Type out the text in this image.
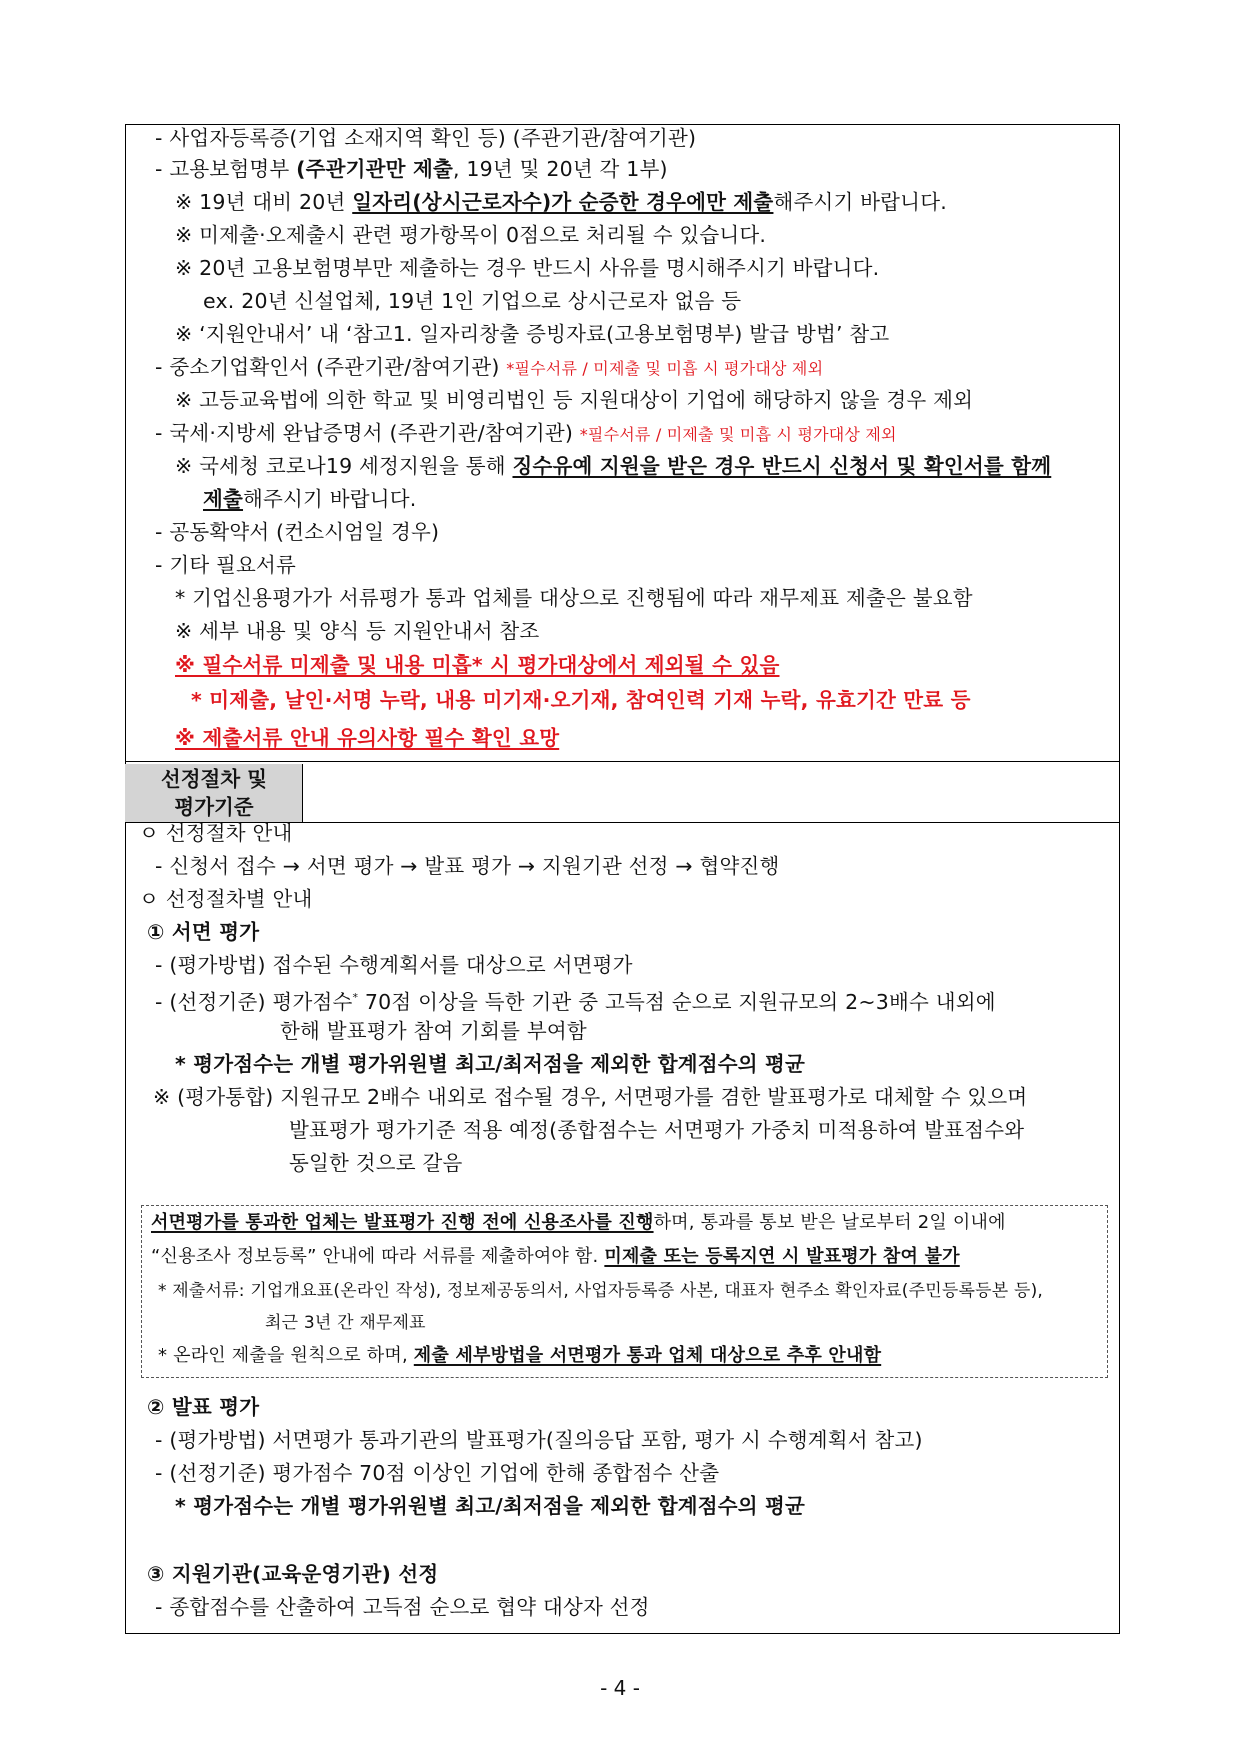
- 사업자등록증(기업 소재지역 확인 등) (주관기관/참여기관)
- 고용보험명부 (주관기관만 제출, 19년 및 20년 각 1부)
※ 19년 대비 20년 일자리(상시근로자수)가 순증한 경우에만 제출해주시기 바랍니다.
※ 미제출·오제출시 관련 평가항목이 0점으로 처리될 수 있습니다.
※ 20년 고용보험명부만 제출하는 경우 반드시 사유를 명시해주시기 바랍니다.
ex. 20년 신설업체, 19년 1인 기업으로 상시근로자 없음 등
※ ‘지원안내서’ 내 ‘참고1. 일자리창출 증빙자료(고용보험명부) 발급 방법’ 참고
- 중소기업확인서 (주관기관/참여기관) *필수서류 / 미제출 및 미흡 시 평가대상 제외
※ 고등교육법에 의한 학교 및 비영리법인 등 지원대상이 기업에 해당하지 않을 경우 제외
- 국세·지방세 완납증명서 (주관기관/참여기관) *필수서류 / 미제출 및 미흡 시 평가대상 제외
※ 국세청 코로나19 세정지원을 통해 징수유예 지원을 받은 경우 반드시 신청서 및 확인서를 함께
제출해주시기 바랍니다.
- 공동확약서 (컨소시엄일 경우)
- 기타 필요서류
* 기업신용평가가 서류평가 통과 업체를 대상으로 진행됨에 따라 재무제표 제출은 불요함
※ 세부 내용 및 양식 등 지원안내서 참조
※ 필수서류 미제출 및 내용 미흡* 시 평가대상에서 제외될 수 있음
* 미제출, 날인·서명 누락, 내용 미기재·오기재, 참여인력 기재 누락, 유효기간 만료 등
※ 제출서류 안내 유의사항 필수 확인 요망
선정절차 및
평가기준
ㅇ 선정절차 안내
- 신청서 접수 → 서면 평가 → 발표 평가 → 지원기관 선정 → 협약진행
ㅇ 선정절차별 안내
① 서면 평가
- (평가방법) 접수된 수행계획서를 대상으로 서면평가
- (선정기준) 평가점수* 70점 이상을 득한 기관 중 고득점 순으로 지원규모의 2~3배수 내외에
한해 발표평가 참여 기회를 부여함
* 평가점수는 개별 평가위원별 최고/최저점을 제외한 합계점수의 평균
※ (평가통합) 지원규모 2배수 내외로 접수될 경우, 서면평가를 겸한 발표평가로 대체할 수 있으며
발표평가 평가기준 적용 예정(종합점수는 서면평가 가중치 미적용하여 발표점수와
동일한 것으로 갈음
서면평가를 통과한 업체는 발표평가 진행 전에 신용조사를 진행하며, 통과를 통보 받은 날로부터 2일 이내에
“신용조사 정보등록” 안내에 따라 서류를 제출하여야 함. 미제출 또는 등록지연 시 발표평가 참여 불가
* 제출서류: 기업개요표(온라인 작성), 정보제공동의서, 사업자등록증 사본, 대표자 현주소 확인자료(주민등록등본 등),
최근 3년 간 재무제표
* 온라인 제출을 원칙으로 하며, 제출 세부방법을 서면평가 통과 업체 대상으로 추후 안내함
② 발표 평가
- (평가방법) 서면평가 통과기관의 발표평가(질의응답 포함, 평가 시 수행계획서 참고)
- (선정기준) 평가점수 70점 이상인 기업에 한해 종합점수 산출
* 평가점수는 개별 평가위원별 최고/최저점을 제외한 합계점수의 평균
③ 지원기관(교육운영기관) 선정
- 종합점수를 산출하여 고득점 순으로 협약 대상자 선정
- 4 -
